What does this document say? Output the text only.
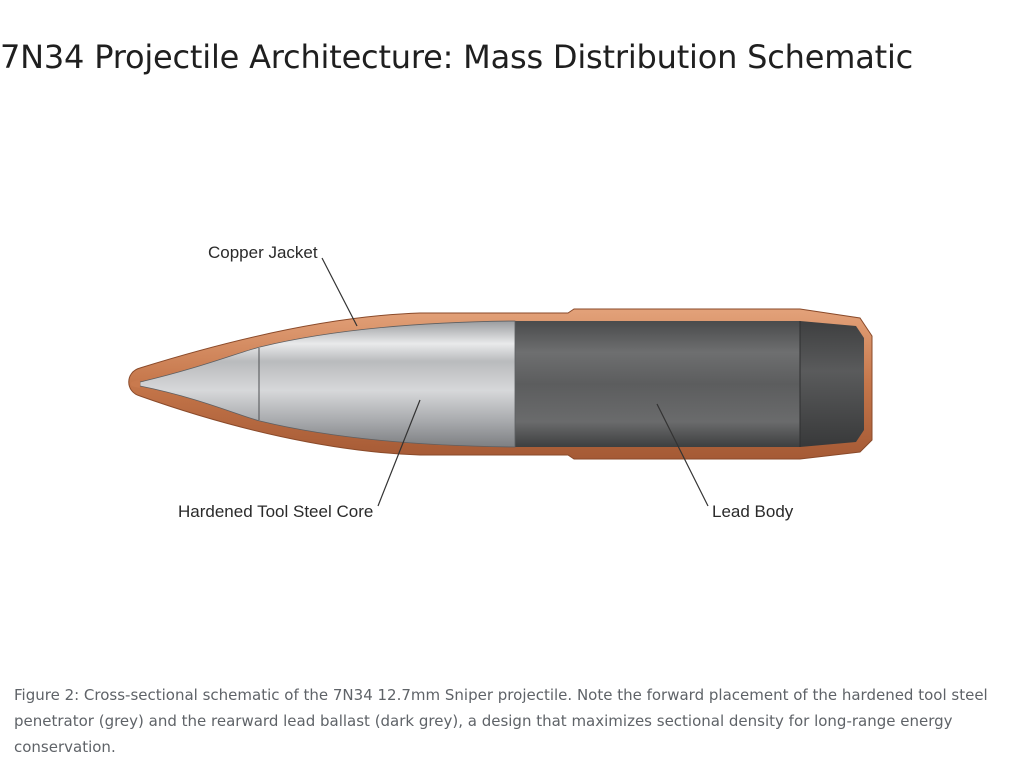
7N34 Projectile Architecture: Mass Distribution Schematic
Copper Jacket
Hardened Tool Steel Core	Lead Body
Figure 2: Cross-sectional schematic of the 7N34 12.7mm Sniper projectile. Note the forward placement of the hardened tool steel penetrator (grey) and the rearward lead ballast (dark grey), a design that maximizes sectional density for long-range energy conservation.
